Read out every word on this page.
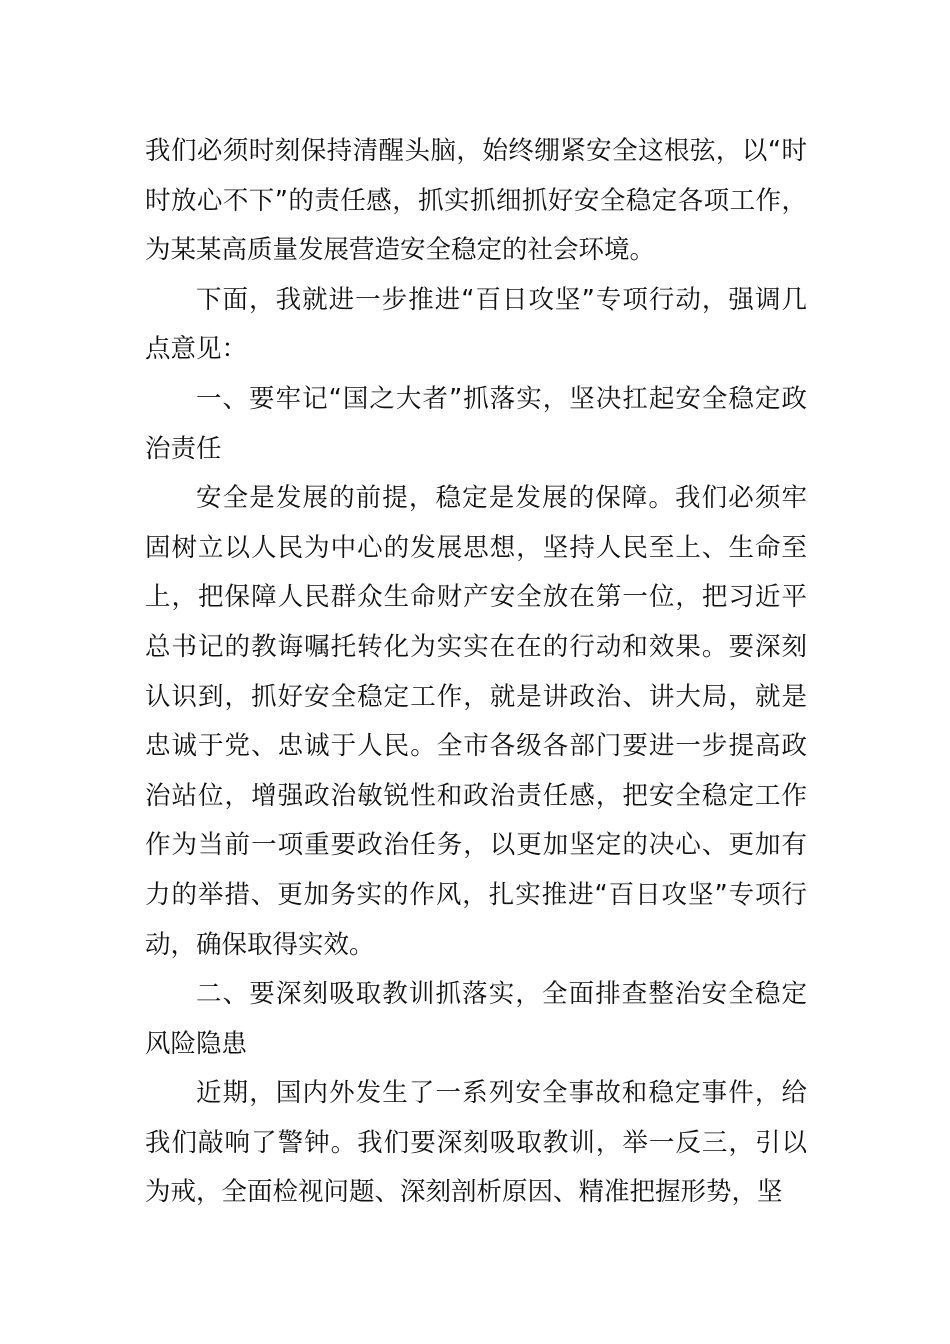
我们必须时刻保持清醒头脑，始终绷紧安全这根弦，以“时时放心不下”的责任感，抓实抓细抓好安全稳定各项工作，为某某高质量发展营造安全稳定的社会环境。

下面，我就进一步推进“百日攻坚”专项行动，强调几点意见：

一、要牢记“国之大者”抓落实，坚决扛起安全稳定政治责任

安全是发展的前提，稳定是发展的保障。我们必须牢固树立以人民为中心的发展思想，坚持人民至上、生命至上，把保障人民群众生命财产安全放在第一位，把习近平总书记的教诲嘱托转化为实实在在的行动和效果。要深刻认识到，抓好安全稳定工作，就是讲政治、讲大局，就是忠诚于党、忠诚于人民。全市各级各部门要进一步提高政治站位，增强政治敏锐性和政治责任感，把安全稳定工作作为当前一项重要政治任务，以更加坚定的决心、更加有力的举措、更加务实的作风，扎实推进“百日攻坚”专项行动，确保取得实效。

二、要深刻吸取教训抓落实，全面排查整治安全稳定风险隐患

近期，国内外发生了一系列安全事故和稳定事件，给我们敲响了警钟。我们要深刻吸取教训，举一反三，引以为戒，全面检视问题、深刻剖析原因、精准把握形势，坚
